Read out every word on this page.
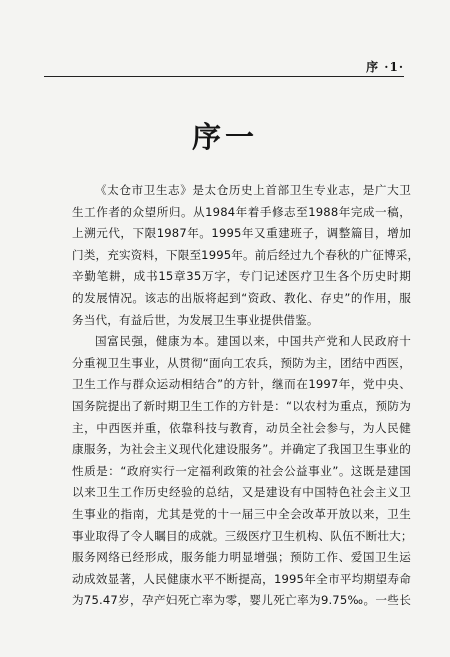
序 ·1·
序一
《太仓市卫生志》是太仓历史上首部卫生专业志，是广大卫
生工作者的众望所归。从1984年着手修志至1988年完成一稿，
上溯元代，下限1987年。1995年又重建班子，调整篇目，增加
门类，充实资料，下限至1995年。前后经过九个春秋的广征博采，
辛勤笔耕，成书15章35万字，专门记述医疗卫生各个历史时期
的发展情况。该志的出版将起到“资政、教化、存史”的作用，服
务当代，有益后世，为发展卫生事业提供借鉴。
国富民强，健康为本。建国以来，中国共产党和人民政府十
分重视卫生事业，从贯彻“面向工农兵，预防为主，团结中西医，
卫生工作与群众运动相结合”的方针，继而在1997年，党中央、
国务院提出了新时期卫生工作的方针是：“以农村为重点，预防为
主，中西医并重，依靠科技与教育，动员全社会参与，为人民健
康服务，为社会主义现代化建设服务”。并确定了我国卫生事业的
性质是：“政府实行一定福利政策的社会公益事业”。这既是建国
以来卫生工作历史经验的总结，又是建设有中国特色社会主义卫
生事业的指南，尤其是党的十一届三中全会改革开放以来，卫生
事业取得了令人瞩目的成就。三级医疗卫生机构、队伍不断壮大；
服务网络已经形成，服务能力明显增强；预防工作、爱国卫生运
动成效显著，人民健康水平不断提高，1995年全市平均期望寿命
为75.47岁，孕产妇死亡率为零，婴儿死亡率为9.75‰。一些长
